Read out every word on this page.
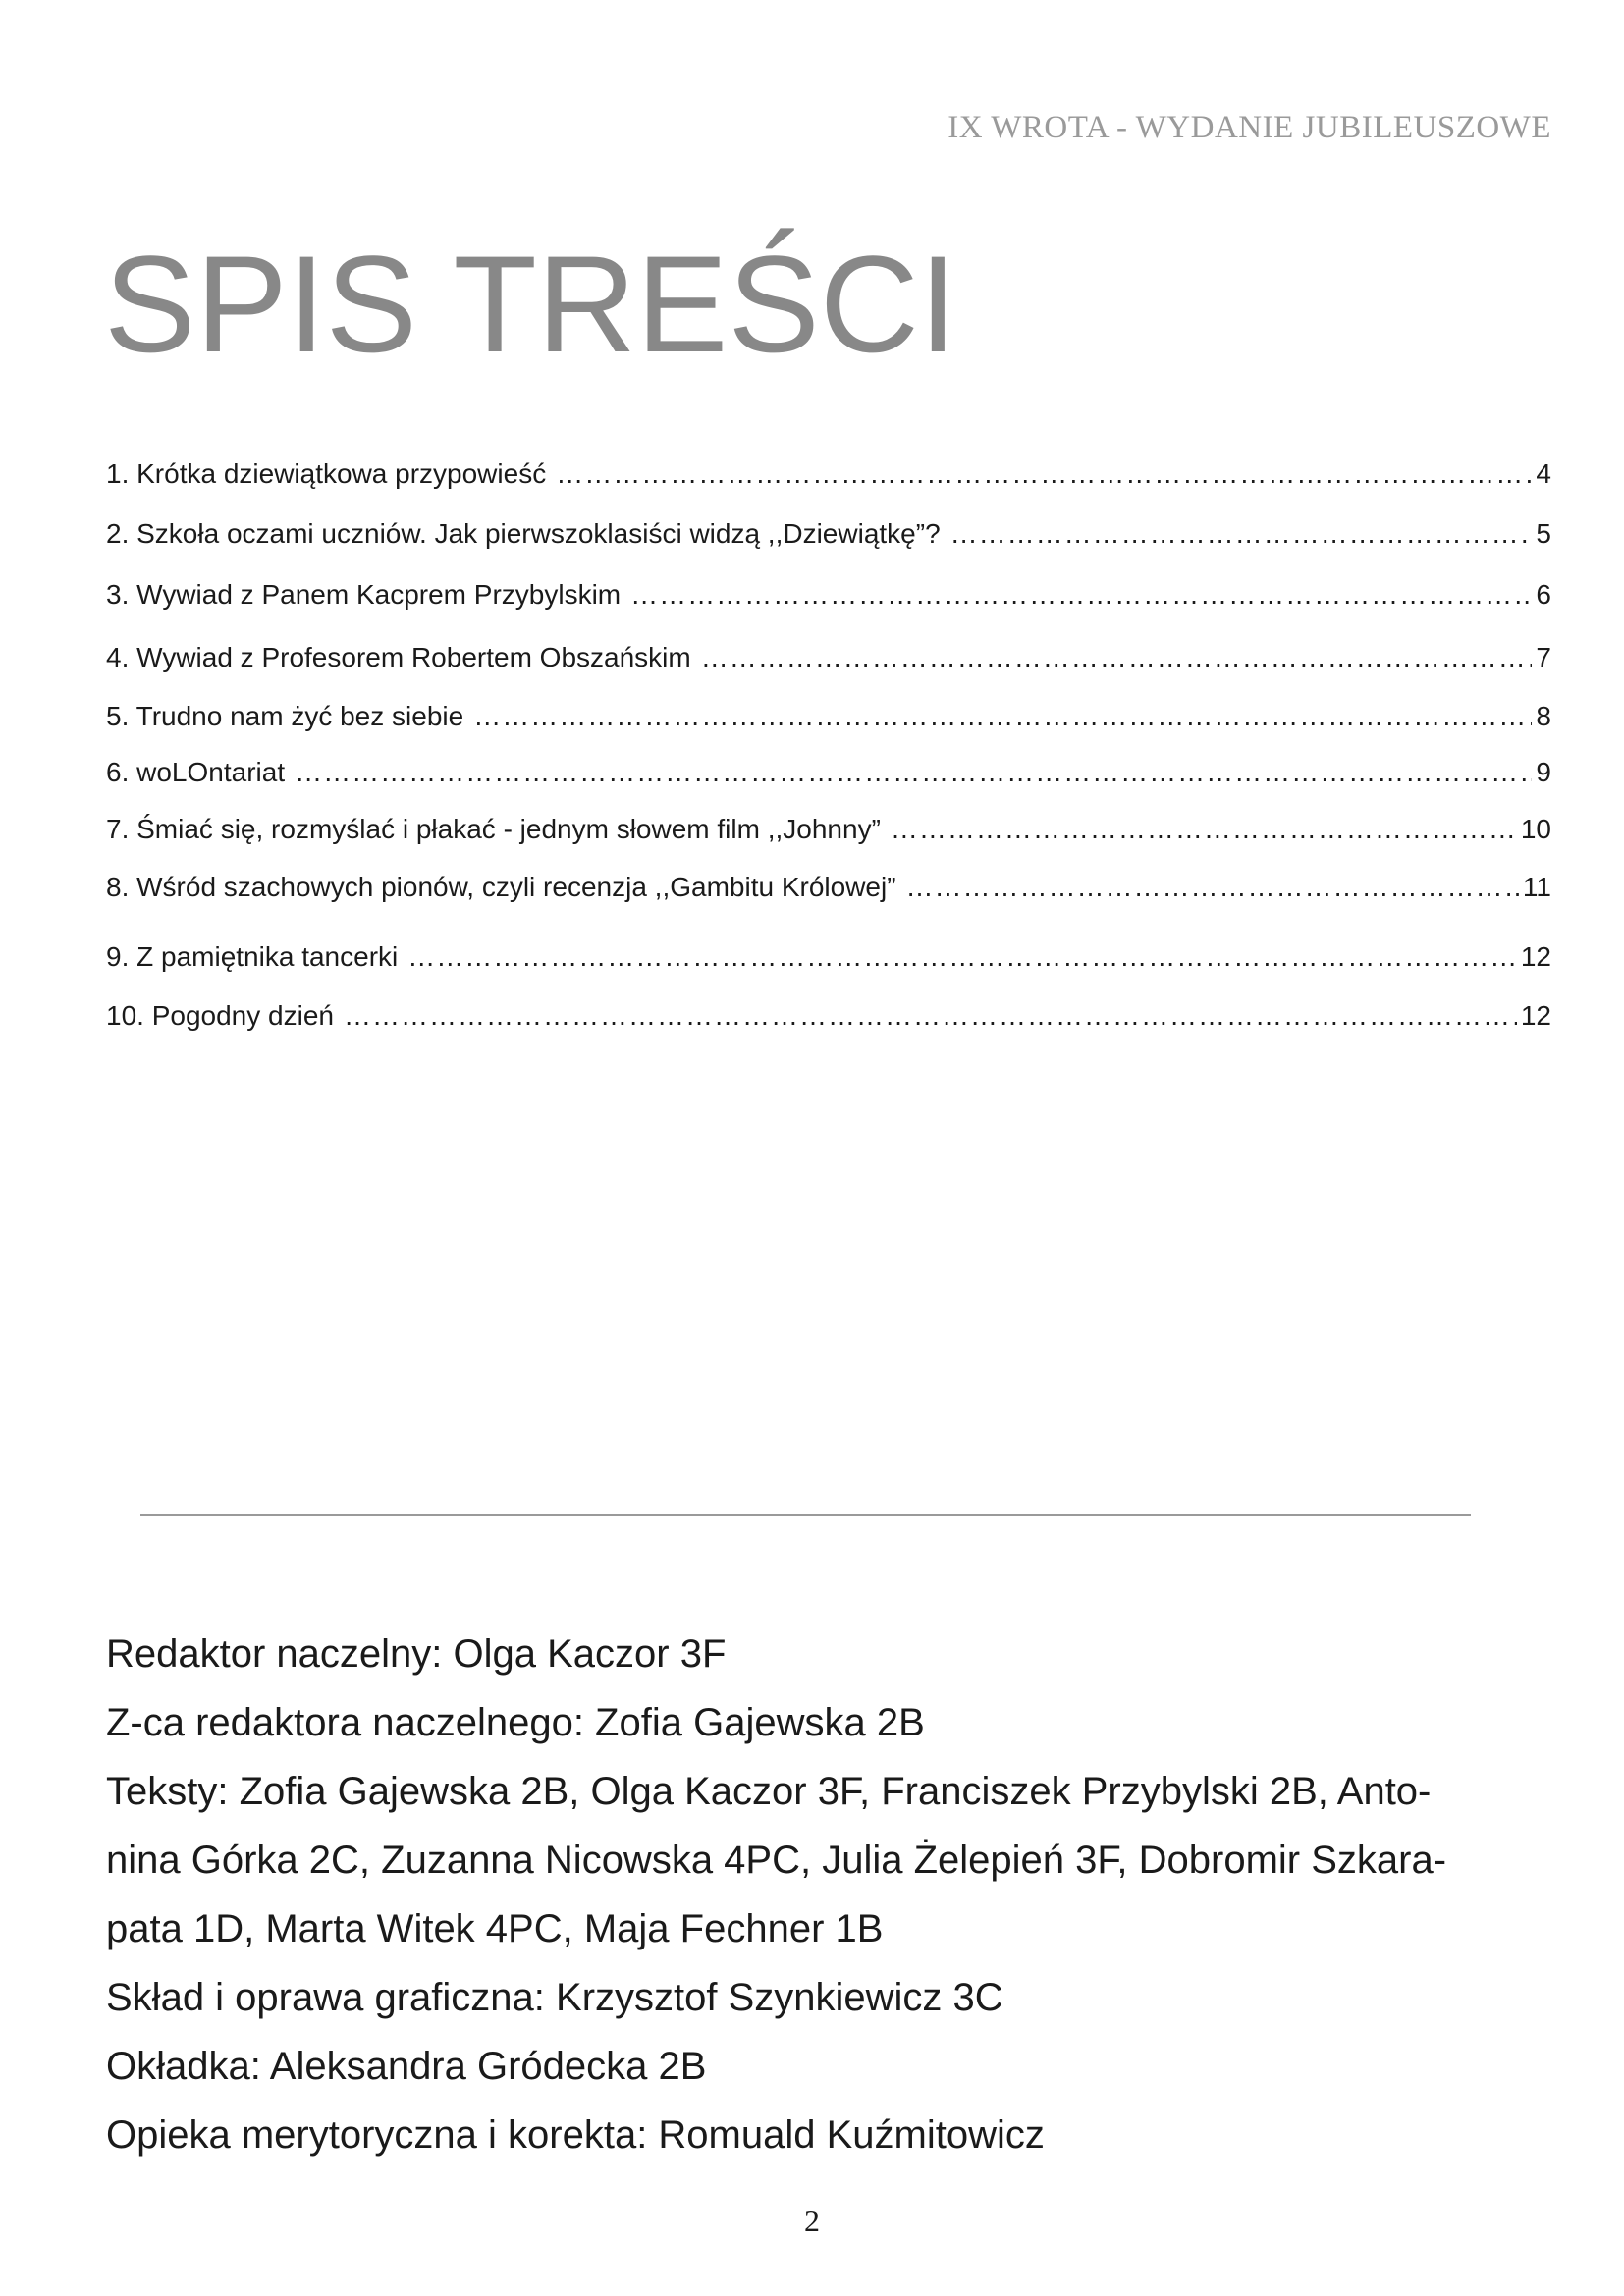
IX WROTA - WYDANIE JUBILEUSZOWE
SPIS TREŚCI
1. Krótka dziewiątkowa przypowieść …………………………………………………………………………………………………………………………………………………………………………………………………………	4
2. Szkoła oczami uczniów. Jak pierwszoklasiści widzą ,,Dziewiątkę”? …………………………………………………………………………………………………………………………………………………………………………………………………………	5
3. Wywiad z Panem Kacprem Przybylskim …………………………………………………………………………………………………………………………………………………………………………………………………………	6
4. Wywiad z Profesorem Robertem Obszańskim …………………………………………………………………………………………………………………………………………………………………………………………………………	7
5. Trudno nam żyć bez siebie …………………………………………………………………………………………………………………………………………………………………………………………………………	8
6. woLOntariat …………………………………………………………………………………………………………………………………………………………………………………………………………	9
7. Śmiać się, rozmyślać i płakać - jednym słowem film ,,Johnny” …………………………………………………………………………………………………………………………………………………………………………………………………………	10
8. Wśród szachowych pionów, czyli recenzja ,,Gambitu Królowej” …………………………………………………………………………………………………………………………………………………………………………………………………………	11
9. Z pamiętnika tancerki …………………………………………………………………………………………………………………………………………………………………………………………………………	12
10. Pogodny dzień …………………………………………………………………………………………………………………………………………………………………………………………………………	12
Redaktor naczelny: Olga Kaczor 3F
Z-ca redaktora naczelnego: Zofia Gajewska 2B
Teksty: Zofia Gajewska 2B, Olga Kaczor 3F, Franciszek Przybylski 2B, Anto-
nina Górka 2C, Zuzanna Nicowska 4PC, Julia Żelepień 3F, Dobromir Szkara-
pata 1D, Marta Witek 4PC, Maja Fechner 1B
Skład i oprawa graficzna: Krzysztof Szynkiewicz 3C
Okładka: Aleksandra Gródecka 2B
Opieka merytoryczna i korekta: Romuald Kuźmitowicz
2
